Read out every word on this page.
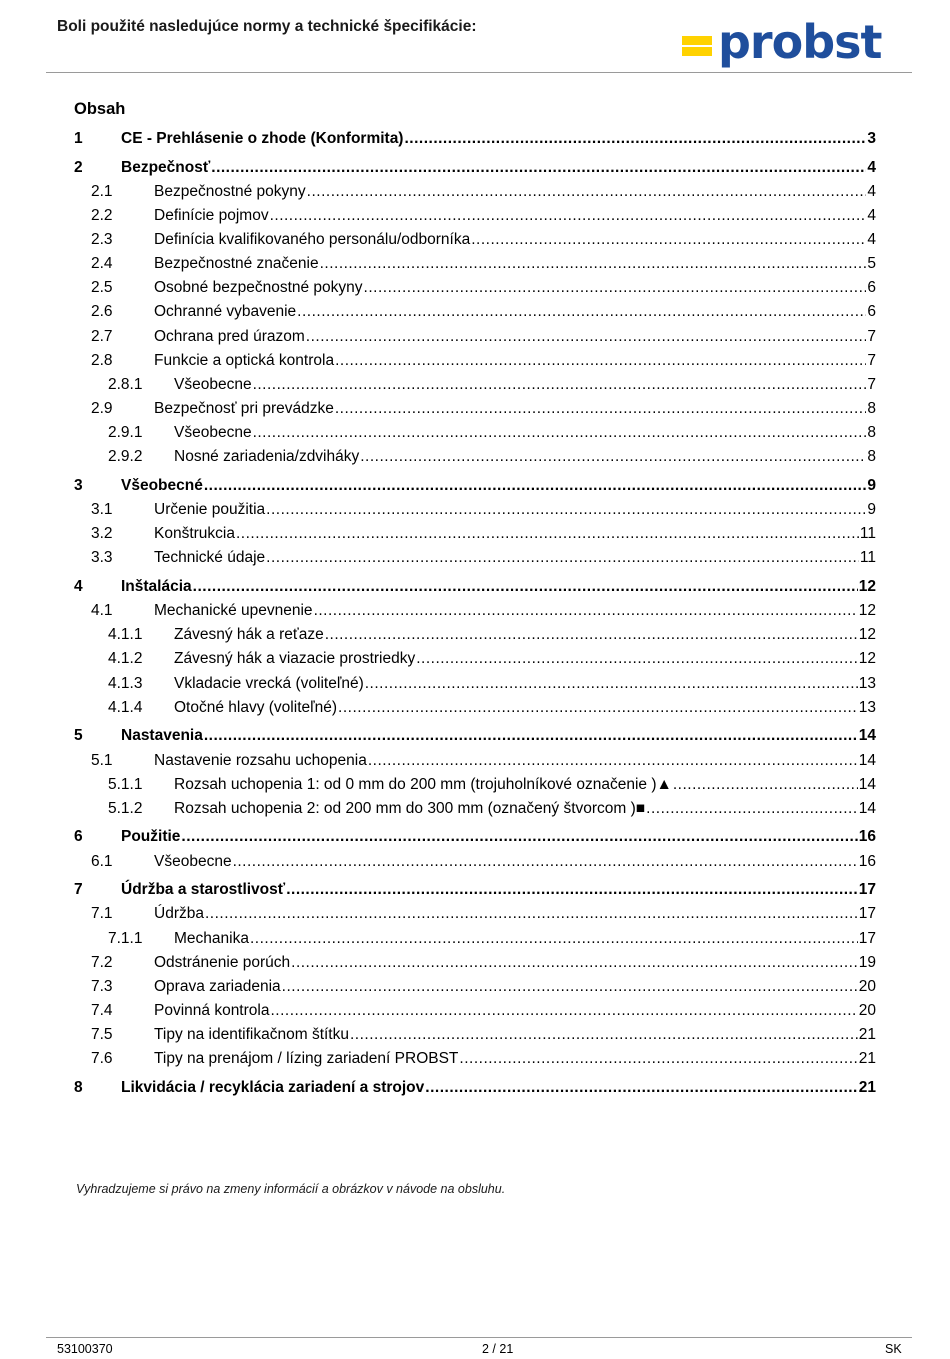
Boli použité nasledujúce normy a technické špecifikácie:	probst
Obsah
1	CE - Prehlásenie o zhode (Konformita) .....	3
2	Bezpečnosť .....	4
2.1	Bezpečnostné pokyny .....	4
2.2	Definície pojmov .....	4
2.3	Definícia kvalifikovaného personálu/odborníka .....	4
2.4	Bezpečnostné značenie .....	5
2.5	Osobné bezpečnostné pokyny .....	6
2.6	Ochranné vybavenie .....	6
2.7	Ochrana pred úrazom .....	7
2.8	Funkcie a optická kontrola .....	7
2.8.1	Všeobecne .....	7
2.9	Bezpečnosť pri prevádzke .....	8
2.9.1	Všeobecne .....	8
2.9.2	Nosné zariadenia/zdviháky .....	8
3	Všeobecné .....	9
3.1	Určenie použitia .....	9
3.2	Konštrukcia .....	11
3.3	Technické údaje .....	11
4	Inštalácia .....	12
4.1	Mechanické upevnenie .....	12
4.1.1	Závesný hák a reťaze .....	12
4.1.2	Závesný hák a viazacie prostriedky .....	12
4.1.3	Vkladacie vrecká (voliteľné) .....	13
4.1.4	Otočné hlavy (voliteľné) .....	13
5	Nastavenia .....	14
5.1	Nastavenie rozsahu uchopenia .....	14
5.1.1	Rozsah uchopenia 1: od 0 mm do 200 mm (trojuholníkové označenie )▲ .....	14
5.1.2	Rozsah uchopenia 2: od 200 mm do 300 mm (označený štvorcom )■ .....	14
6	Použitie .....	16
6.1	Všeobecne .....	16
7	Údržba a starostlivosť .....	17
7.1	Údržba .....	17
7.1.1	Mechanika .....	17
7.2	Odstránenie porúch .....	19
7.3	Oprava zariadenia .....	20
7.4	Povinná kontrola .....	20
7.5	Tipy na identifikačnom štítku .....	21
7.6	Tipy na prenájom / lízing zariadení PROBST .....	21
8	Likvidácia / recyklácia zariadení a strojov .....	21
Vyhradzujeme si právo na zmeny informácií a obrázkov v návode na obsluhu.
53100370	2 / 21	SK
